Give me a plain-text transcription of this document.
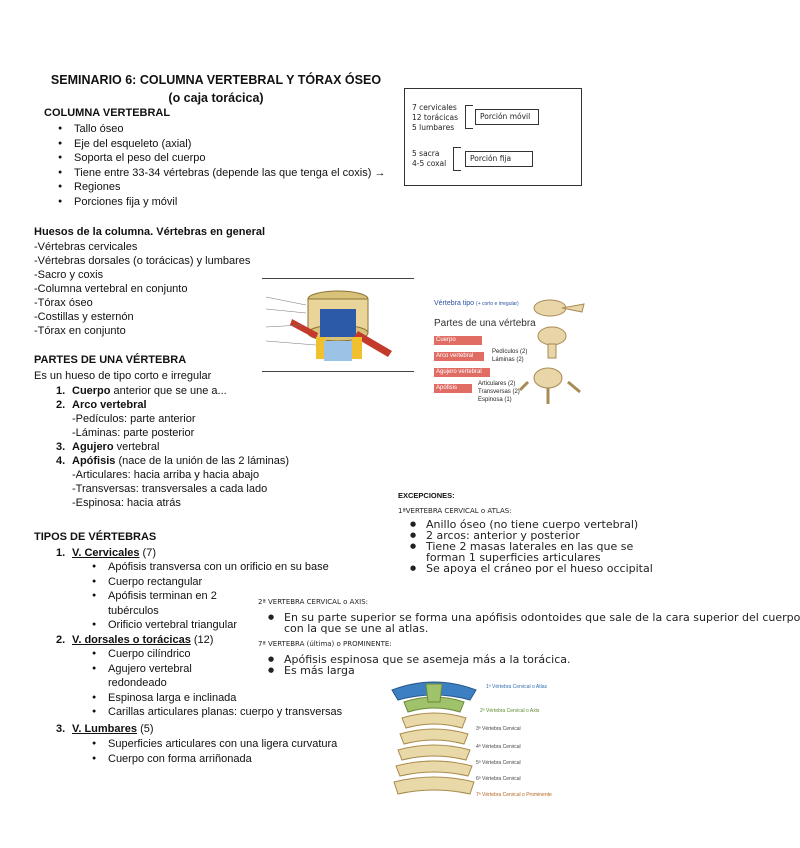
SEMINARIO 6: COLUMNA VERTEBRAL Y TÓRAX ÓSEO
(o caja torácica)
COLUMNA VERTEBRAL
● Tallo óseo
● Eje del esqueleto (axial)
● Soporta el peso del cuerpo
● Tiene entre 33-34 vértebras (depende las que tenga el coxis) →
● Regiones
● Porciones fija y móvil
7 cervicales
12 torácicas
5 lumbares
Porción móvil
5 sacra
4-5 coxal
Porción fija
Huesos de la columna. Vértebras en general
-Vértebras cervicales
-Vértebras dorsales (o torácicas) y lumbares
-Sacro y coxis
-Columna vertebral en conjunto
-Tórax óseo
-Costillas y esternón
-Tórax en conjunto
Vértebra tipo (+ corto e irregular)
Partes de una vértebra
Cuerpo
Arco vertebral
Agujero vertebral
Apófisis
Pedículos (2)
Láminas (2)
Articulares (2)
Transversas (2)
Espinosa (1)
PARTES DE UNA VÉRTEBRA
Es un hueso de tipo corto e irregular
1. Cuerpo anterior que se une a...
2. Arco vertebral
-Pedículos: parte anterior
-Láminas: parte posterior
3. Agujero vertebral
4. Apófisis (nace de la unión de las 2 láminas)
-Articulares: hacia arriba y hacia abajo
-Transversas: transversales a cada lado
-Espinosa: hacia atrás
EXCEPCIONES:
1ªVERTEBRA CERVICAL o ATLAS:
● Anillo óseo (no tiene cuerpo vertebral)
● 2 arcos: anterior y posterior
● Tiene 2 masas laterales en las que se
forman 1 superficies articulares
● Se apoya el cráneo por el hueso occipital
2ª VERTEBRA CERVICAL o AXIS:
● En su parte superior se forma una apófisis odontoides que sale de la cara superior del cuerpo
con la que se une al atlas.
7ª VERTEBRA (última) o PROMINENTE:
● Apófisis espinosa que se asemeja más a la torácica.
● Es más larga
TIPOS DE VÉRTEBRAS
1. V. Cervicales (7)
● Apófisis transversa con un orificio en su base
● Cuerpo rectangular
● Apófisis terminan en 2
tubérculos
● Orificio vertebral triangular
2. V. dorsales o torácicas (12)
● Cuerpo cilíndrico
● Agujero vertebral
redondeado
● Espinosa larga e inclinada
● Carillas articulares planas: cuerpo y transversas
3. V. Lumbares (5)
● Superficies articulares con una ligera curvatura
● Cuerpo con forma arriñonada
1ª Vértebra Cervical o Atlas
2ª Vértebra Cervical o Axis
3ª Vértebra Cervical
4ª Vértebra Cervical
5ª Vértebra Cervical
6ª Vértebra Cervical
7ª Vértebra Cervical o Prominente
